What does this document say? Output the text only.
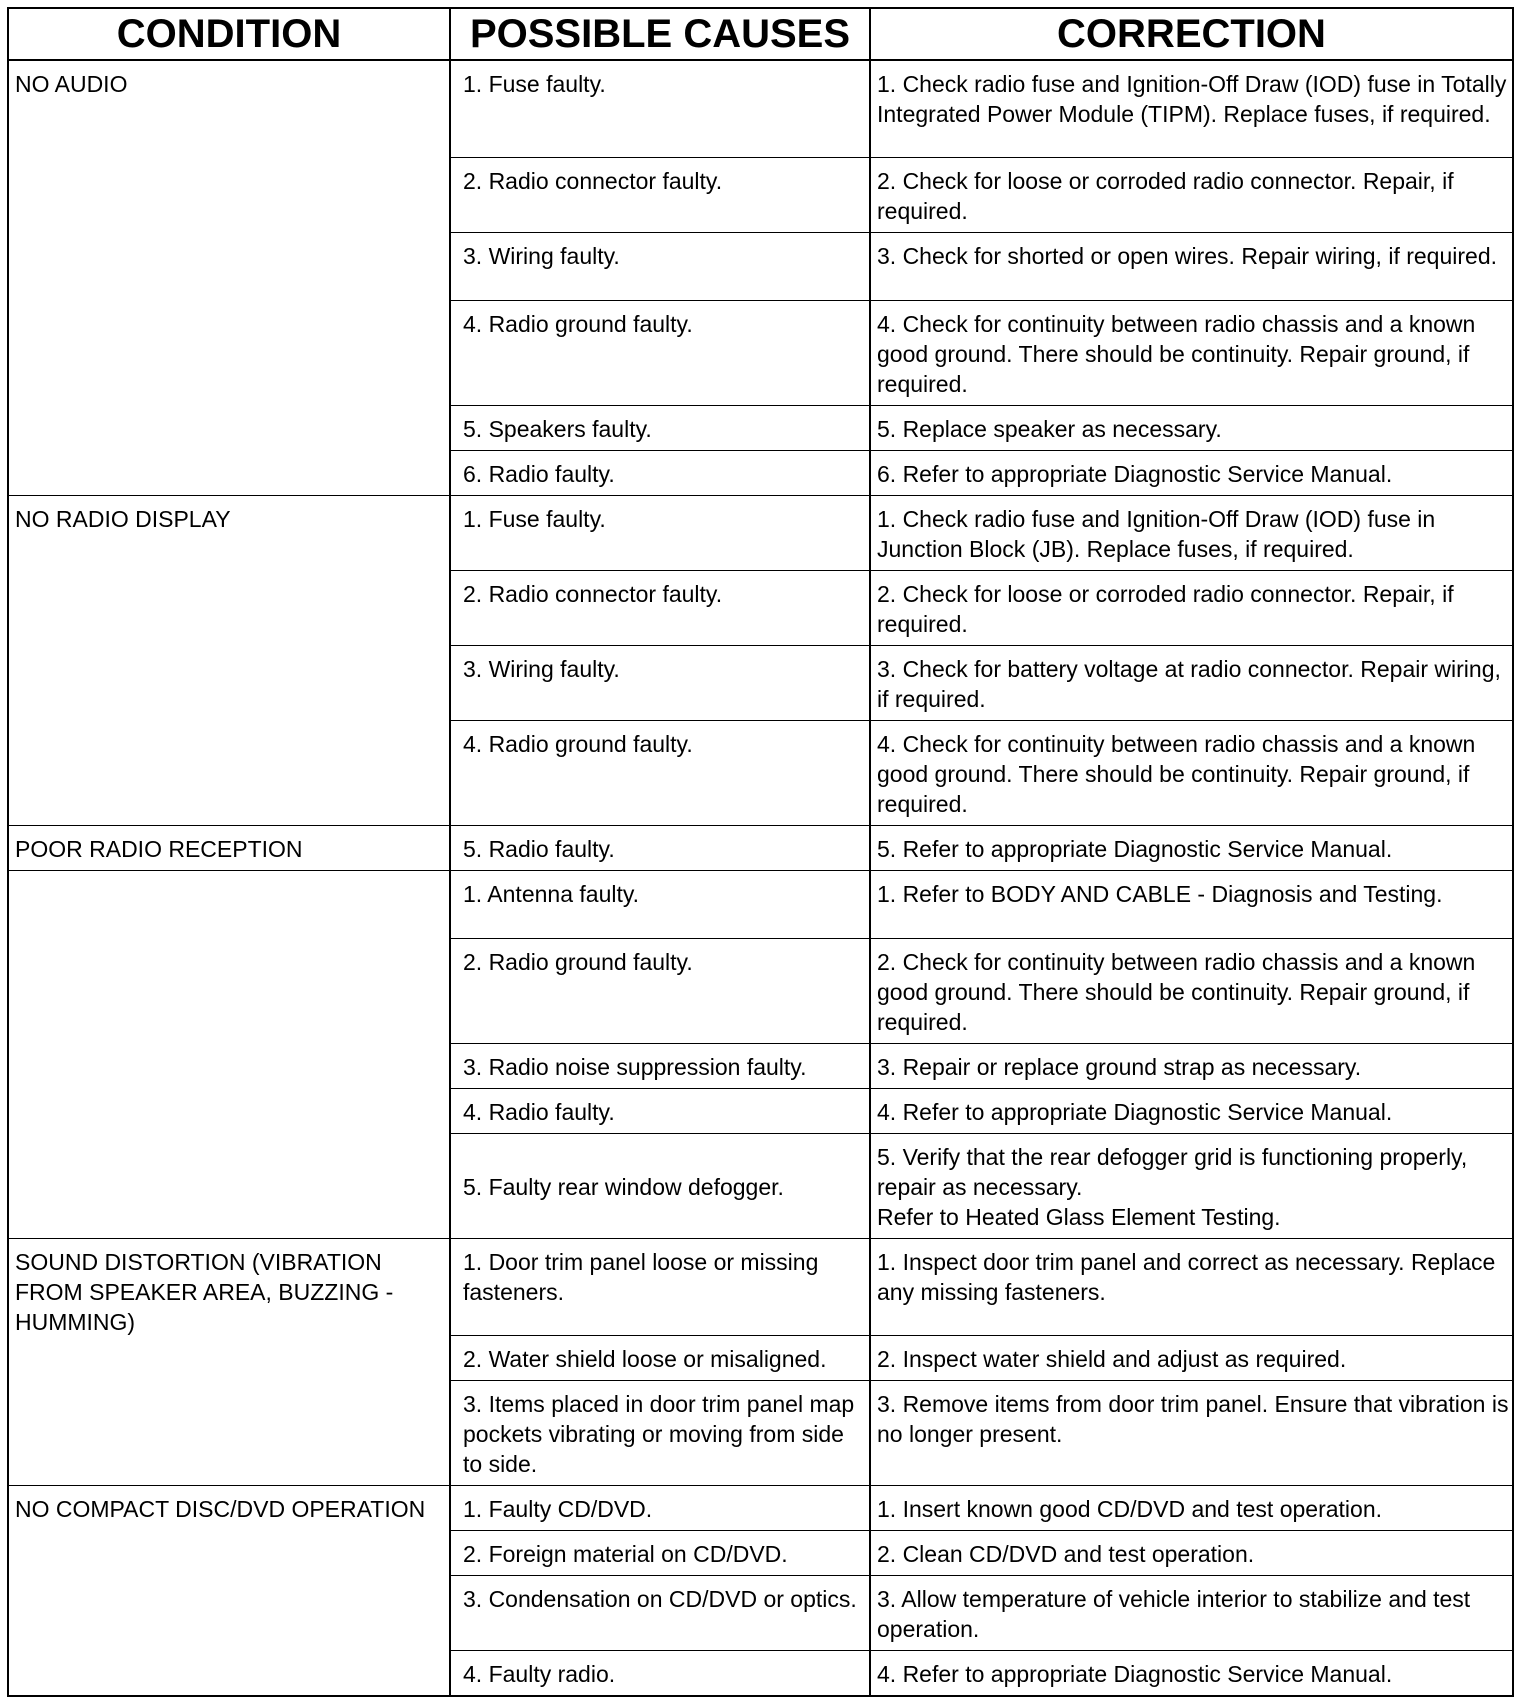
CONDITION	POSSIBLE CAUSES	CORRECTION
NO AUDIO	1. Fuse faulty.	1. Check radio fuse and Ignition-Off Draw (IOD) fuse in Totally Integrated Power Module (TIPM). Replace fuses, if required.
	2. Radio connector faulty.	2. Check for loose or corroded radio connector. Repair, if required.
	3. Wiring faulty.	3. Check for shorted or open wires. Repair wiring, if required.
	4. Radio ground faulty.	4. Check for continuity between radio chassis and a known good ground. There should be continuity. Repair ground, if required.
	5. Speakers faulty.	5. Replace speaker as necessary.
	6. Radio faulty.	6. Refer to appropriate Diagnostic Service Manual.
NO RADIO DISPLAY	1. Fuse faulty.	1. Check radio fuse and Ignition-Off Draw (IOD) fuse in Junction Block (JB). Replace fuses, if required.
	2. Radio connector faulty.	2. Check for loose or corroded radio connector. Repair, if required.
	3. Wiring faulty.	3. Check for battery voltage at radio connector. Repair wiring, if required.
	4. Radio ground faulty.	4. Check for continuity between radio chassis and a known good ground. There should be continuity. Repair ground, if required.
POOR RADIO RECEPTION	5. Radio faulty.	5. Refer to appropriate Diagnostic Service Manual.
	1. Antenna faulty.	1. Refer to BODY AND CABLE - Diagnosis and Testing.
	2. Radio ground faulty.	2. Check for continuity between radio chassis and a known good ground. There should be continuity. Repair ground, if required.
	3. Radio noise suppression faulty.	3. Repair or replace ground strap as necessary.
	4. Radio faulty.	4. Refer to appropriate Diagnostic Service Manual.
	5. Faulty rear window defogger.	5. Verify that the rear defogger grid is functioning properly, repair as necessary.
Refer to Heated Glass Element Testing.
SOUND DISTORTION (VIBRATION FROM SPEAKER AREA, BUZZING - HUMMING)	1. Door trim panel loose or missing fasteners.	1. Inspect door trim panel and correct as necessary. Replace any missing fasteners.
	2. Water shield loose or misaligned.	2. Inspect water shield and adjust as required.
	3. Items placed in door trim panel map pockets vibrating or moving from side to side.	3. Remove items from door trim panel. Ensure that vibration is no longer present.
NO COMPACT DISC/DVD OPERATION	1. Faulty CD/DVD.	1. Insert known good CD/DVD and test operation.
	2. Foreign material on CD/DVD.	2. Clean CD/DVD and test operation.
	3. Condensation on CD/DVD or optics.	3. Allow temperature of vehicle interior to stabilize and test operation.
	4. Faulty radio.	4. Refer to appropriate Diagnostic Service Manual.
